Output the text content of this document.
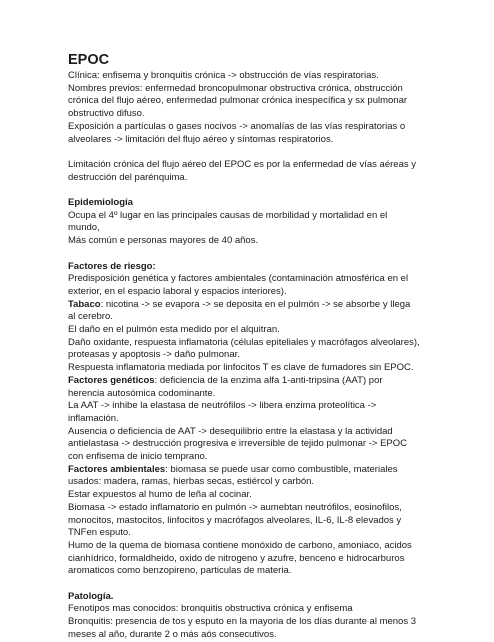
EPOC

Clínica: enfisema y bronquitis crónica -> obstrucción de vías respiratorias.

Nombres previos: enfermedad broncopulmonar obstructiva crónica, obstrucción crónica del flujo aéreo, enfermedad pulmonar crónica inespecífica y sx pulmonar obstructivo difuso.

Exposición a partículas o gases nocivos -> anomalías de las vías respiratorias o alveolares -> limitación del flujo aéreo y síntomas respiratorios.

Limitación crónica del flujo aéreo del EPOC es por la enfermedad de vías aéreas y destrucción del parénquima.

Epidemiología

Ocupa el 4º lugar en las principales causas de morbilidad y mortalidad en el mundo,

Más común e personas mayores de 40 años.

Factores de riesgo:

Predisposición genética y factores ambientales (contaminación atmosférica en el exterior, en el espacio laboral y espacios interiores).

Tabaco: nicotina -> se evapora -> se deposita en el pulmón -> se absorbe y llega al cerebro.

El daño en el pulmón esta medido por el alquitran.

Daño oxidante, respuesta inflamatoria (células epiteliales y macrófagos alveolares), proteasas y apoptosis -> daño pulmonar.

Respuesta inflamatoria mediada por linfocitos T es clave de fumadores sin EPOC.

Factores genéticos: deficiencia de la enzima alfa 1-anti-tripsina (AAT) por herencia autosómica codominante.

La AAT -> inhibe la elastasa de neutrófilos -> libera enzima proteolítica -> inflamación.

Ausencia o deficiencia de AAT -> desequilibrio entre la elastasa y la actividad antielastasa -> destrucción progresiva e irreversible de tejido pulmonar -> EPOC con enfisema de inicio temprano.

Factores ambientales: biomasa se puede usar como combustible, materiales usados: madera, ramas, hierbas secas, estiércol y carbón.

Estar expuestos al humo de leña al cocinar.

Biomasa -> estado inflamatorio en pulmón -> aumebtan neutrófilos, eosinofilos, monocitos, mastocitos, linfocitos y macrófagos alveolares, IL-6, IL-8 elevados y TNFen esputo.

Humo de la quema de biomasa contiene monóxido de carbono, amoniaco, acidos cianhídrico, formaldheido, oxido de nitrogeno y azufre, benceno e hidrocarburos aromaticos como benzopireno, particulas de materia.

Patología.

Fenotipos mas conocidos: bronquitis obstructiva crónica y enfisema

Bronquitis: presencia de tos y esputo en la mayoria de los días durante al menos 3 meses al año, durante 2 o más aós consecutivos.
